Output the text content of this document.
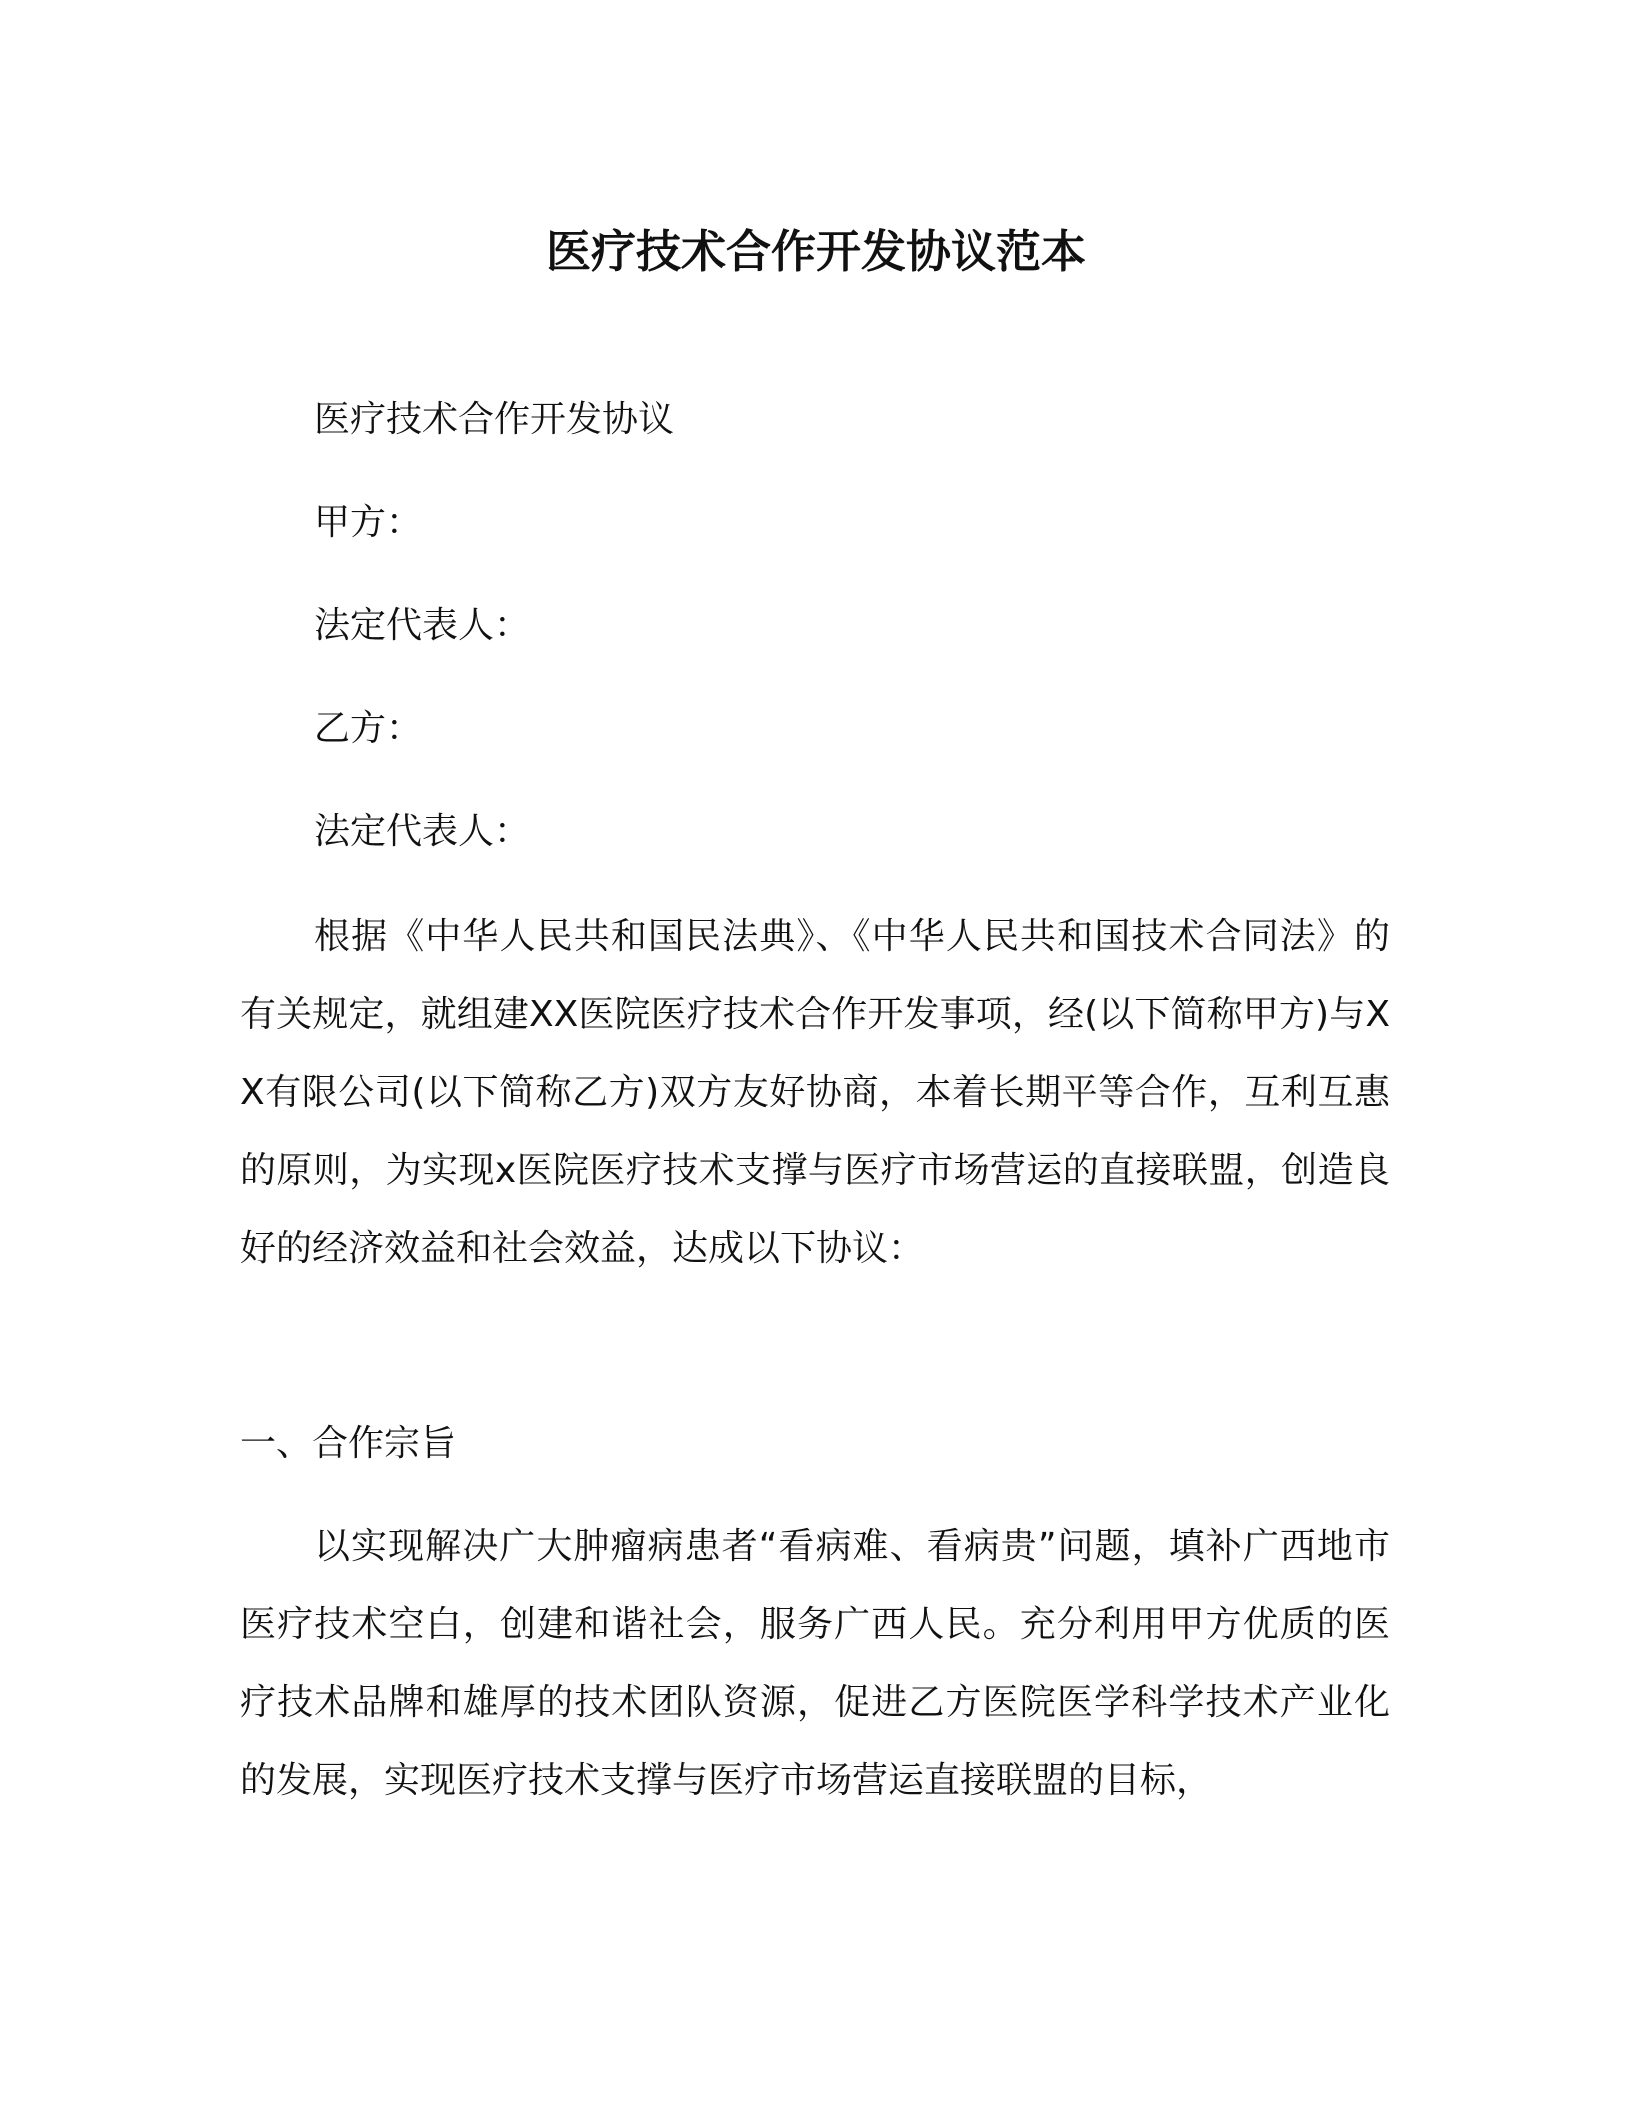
医疗技术合作开发协议范本

医疗技术合作开发协议

甲方：

法定代表人：

乙方：

法定代表人：

根据《中华人民共和国民法典》、《中华人民共和国技术合同法》的有关规定，就组建XX医院医疗技术合作开发事项，经(以下简称甲方)与XX有限公司(以下简称乙方)双方友好协商，本着长期平等合作，互利互惠的原则，为实现x医院医疗技术支撑与医疗市场营运的直接联盟，创造良好的经济效益和社会效益，达成以下协议：

一、合作宗旨

以实现解决广大肿瘤病患者“看病难、看病贵”问题，填补广西地市医疗技术空白，创建和谐社会，服务广西人民。充分利用甲方优质的医疗技术品牌和雄厚的技术团队资源，促进乙方医院医学科学技术产业化的发展，实现医疗技术支撑与医疗市场营运直接联盟的目标，
